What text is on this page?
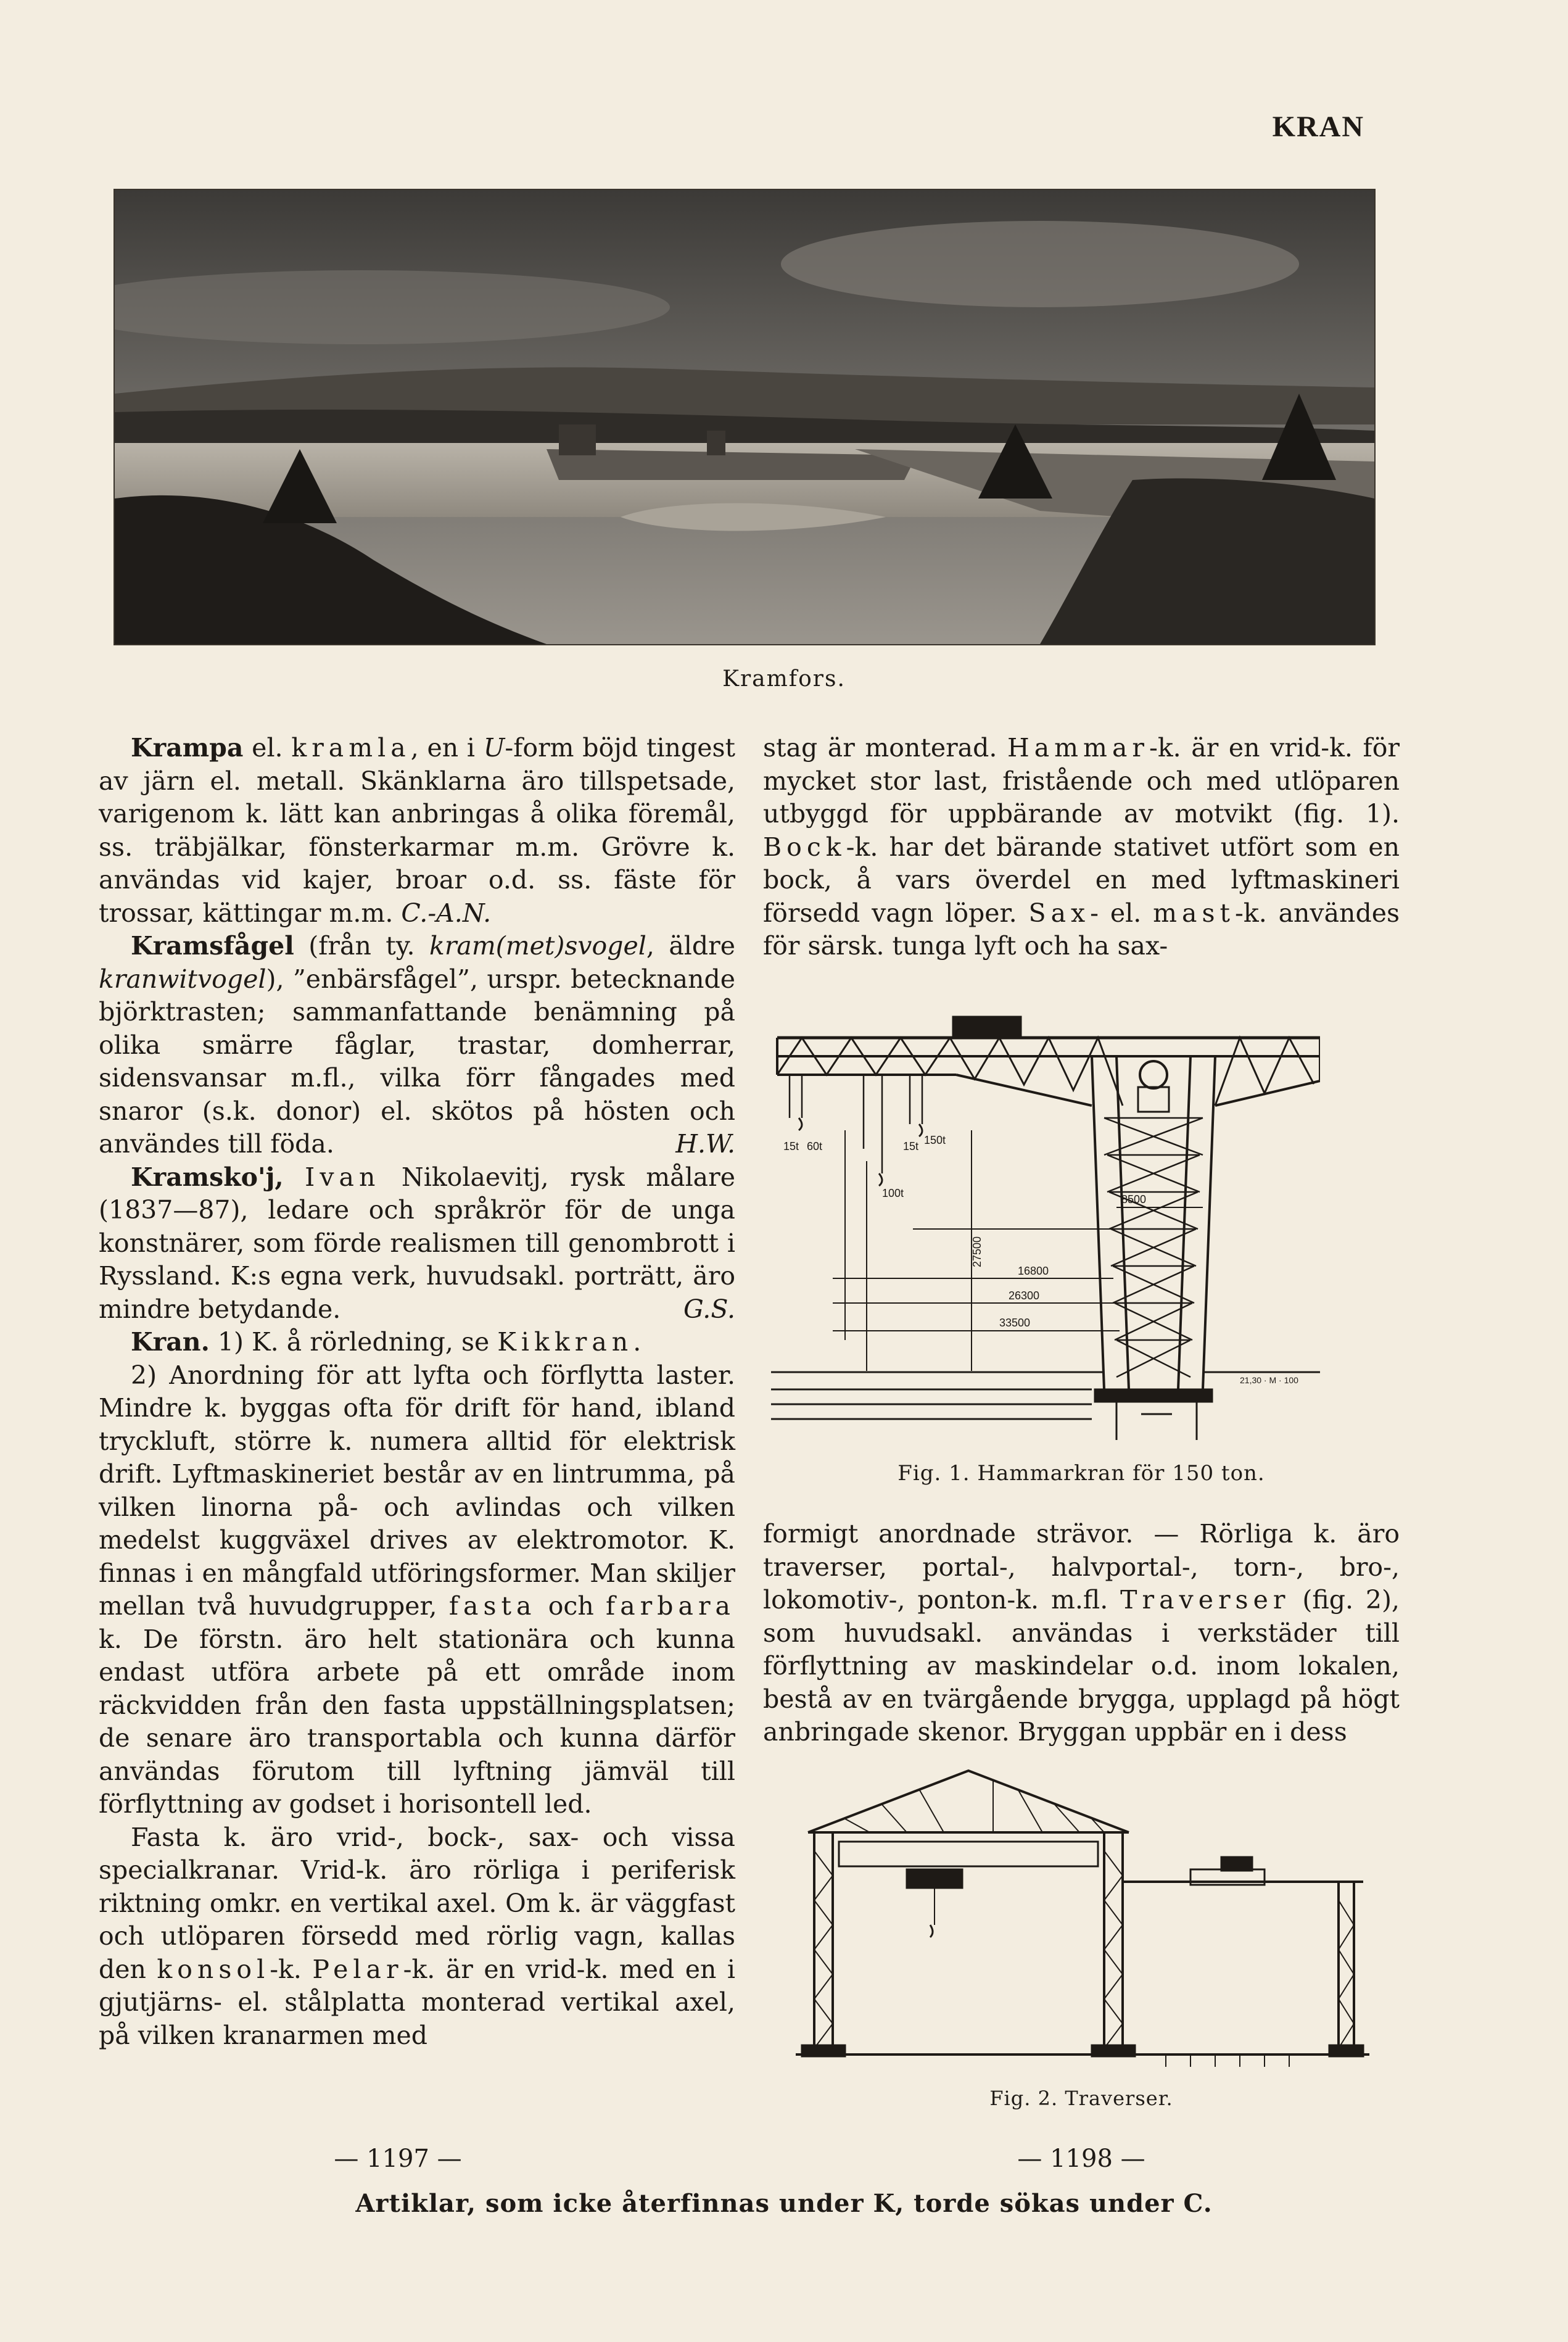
KRAN
Kramfors.

Krampa el. kramla, en i U-form böjd tingest av järn el. metall. Skänklarna äro tillspetsade, varigenom k. lätt kan anbringas å olika föremål, ss. träbjälkar, fönsterkarmar m.m. Grövre k. användas vid kajer, broar o.d. ss. fäste för trossar, kättingar m.m. C.-A.N.

Kramsfågel (från ty. kram(met)svogel, äldre kranwitvogel), ”enbärsfågel”, urspr. betecknande björktrasten; sammanfattande benämning på olika smärre fåglar, trastar, domherrar, sidensvansar m.fl., vilka förr fångades med snaror (s.k. donor) el. skötos på hösten och användes till föda.	H.W.

Kramsko'j, Ivan Nikolaevitj, rysk målare (1837—87), ledare och språkrör för de unga konstnärer, som förde realismen till genombrott i Ryssland. K:s egna verk, huvudsakl. porträtt, äro mindre betydande.	G.S.

Kran. 1) K. å rörledning, se Kikkran.

2) Anordning för att lyfta och förflytta laster. Mindre k. byggas ofta för drift för hand, ibland tryckluft, större k. numera alltid för elektrisk drift. Lyftmaskineriet består av en lintrumma, på vilken linorna på- och avlindas och vilken medelst kuggväxel drives av elektromotor. K. finnas i en mångfald utföringsformer. Man skiljer mellan två huvudgrupper, fasta och farbara k. De förstn. äro helt stationära och kunna endast utföra arbete på ett område inom räckvidden från den fasta uppställningsplatsen; de senare äro transportabla och kunna därför användas förutom till lyftning jämväl till förflyttning av godset i horisontell led.

Fasta k. äro vrid-, bock-, sax- och vissa specialkranar. Vrid-k. äro rörliga i periferisk riktning omkr. en vertikal axel. Om k. är väggfast och utlöparen försedd med rörlig vagn, kallas den konsol-k. Pelar-k. är en vrid-k. med en i gjutjärns- el. stålplatta monterad vertikal axel, på vilken kranarmen med

stag är monterad. Hammar-k. är en vrid-k. för mycket stor last, fristående och med utlöparen utbyggd för uppbärande av motvikt (fig. 1). Bock-k. har det bärande stativet utfört som en bock, å vars överdel en med lyftmaskineri försedd vagn löper. Sax- el. mast-k. användes för särsk. tunga lyft och ha sax-

15t 60t	15t 150t
100t	8500
27500
16800
26300
33500
21,30 · M · 100
Fig. 1. Hammarkran för 150 ton.

formigt anordnade strävor. — Rörliga k. äro traverser, portal-, halvportal-, torn-, bro-, lokomotiv-, ponton-k. m.fl. Traverser (fig. 2), som huvudsakl. användas i verkstäder till förflyttning av maskindelar o.d. inom lokalen, bestå av en tvärgående brygga, upplagd på högt anbringade skenor. Bryggan uppbär en i dess

Fig. 2. Traverser.
— 1197 —	— 1198 —
Artiklar, som icke återfinnas under K, torde sökas under C.
